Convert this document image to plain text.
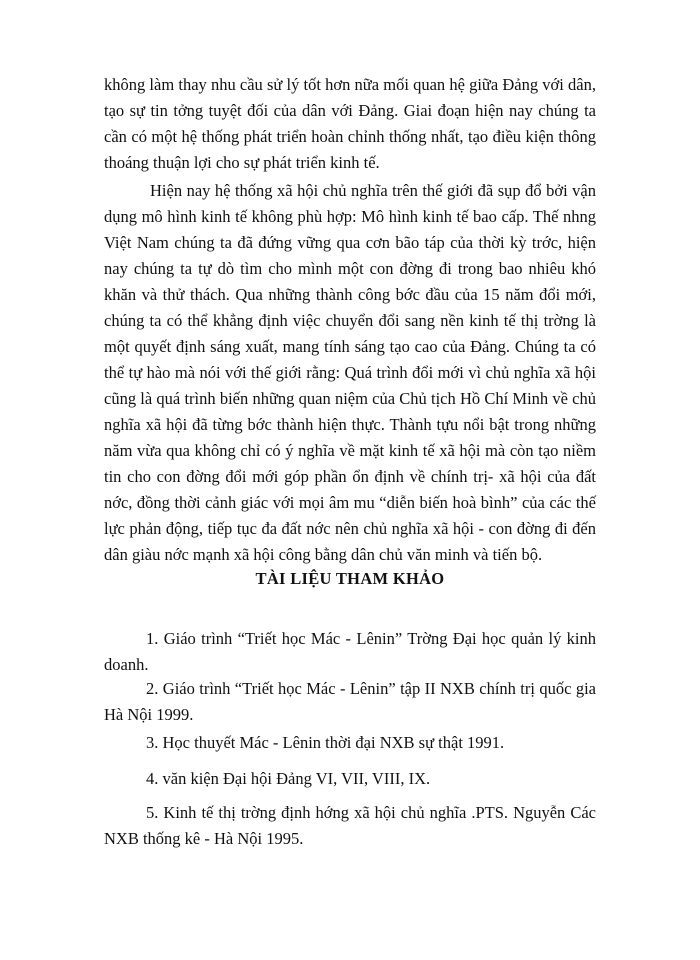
không làm thay nhu cầu sử lý tốt hơn nữa mối quan hệ giữa Đảng với dân, tạo sự tin tởng tuyệt đối của dân với Đảng. Giai đoạn hiện nay chúng ta cần có một hệ thống phát triển hoàn chỉnh thống nhất, tạo điều kiện thông thoáng thuận lợi cho sự phát triển kinh tế.

Hiện nay hệ thống xã hội chủ nghĩa trên thế giới đã sụp đổ bởi vận dụng mô hình kinh tế không phù hợp: Mô hình kinh tế bao cấp. Thế nhng Việt Nam chúng ta đã đứng vững qua cơn bão táp của thời kỳ trớc, hiện nay chúng ta tự dò tìm cho mình một con đờng đi trong bao nhiêu khó khăn và thử thách. Qua những thành công bớc đầu của 15 năm đổi mới, chúng ta có thể khẳng định việc chuyển đổi sang nền kinh tế thị trờng là một quyết định sáng xuất, mang tính sáng tạo cao của Đảng. Chúng ta có thể tự hào mà nói với thế giới rằng: Quá trình đổi mới vì chủ nghĩa xã hội cũng là quá trình biến những quan niệm của Chủ tịch Hồ Chí Minh về chủ nghĩa xã hội đã từng bớc thành hiện thực. Thành tựu nổi bật trong những năm vừa qua không chỉ có ý nghĩa về mặt kinh tế xã hội mà còn tạo niềm tin cho con đờng đổi mới góp phần ổn định về chính trị- xã hội của đất nớc, đồng thời cảnh giác với mọi âm mu “diễn biến hoà bình” của các thế lực phản động, tiếp tục đa đất nớc nên chủ nghĩa xã hội - con đờng đi đến dân giàu nớc mạnh xã hội công bằng dân chủ văn minh và tiến bộ.

TÀI LIỆU THAM KHẢO

1. Giáo trình “Triết học Mác - Lênin” Trờng Đại học quản lý kinh doanh.

2. Giáo trình “Triết học Mác - Lênin” tập II NXB chính trị quốc gia Hà Nội 1999.

3. Học thuyết Mác - Lênin thời đại NXB sự thật 1991.

4. văn kiện Đại hội Đảng VI, VII, VIII, IX.

5. Kinh tế thị trờng định hớng xã hội chủ nghĩa .PTS. Nguyễn Các NXB thống kê - Hà Nội 1995.
